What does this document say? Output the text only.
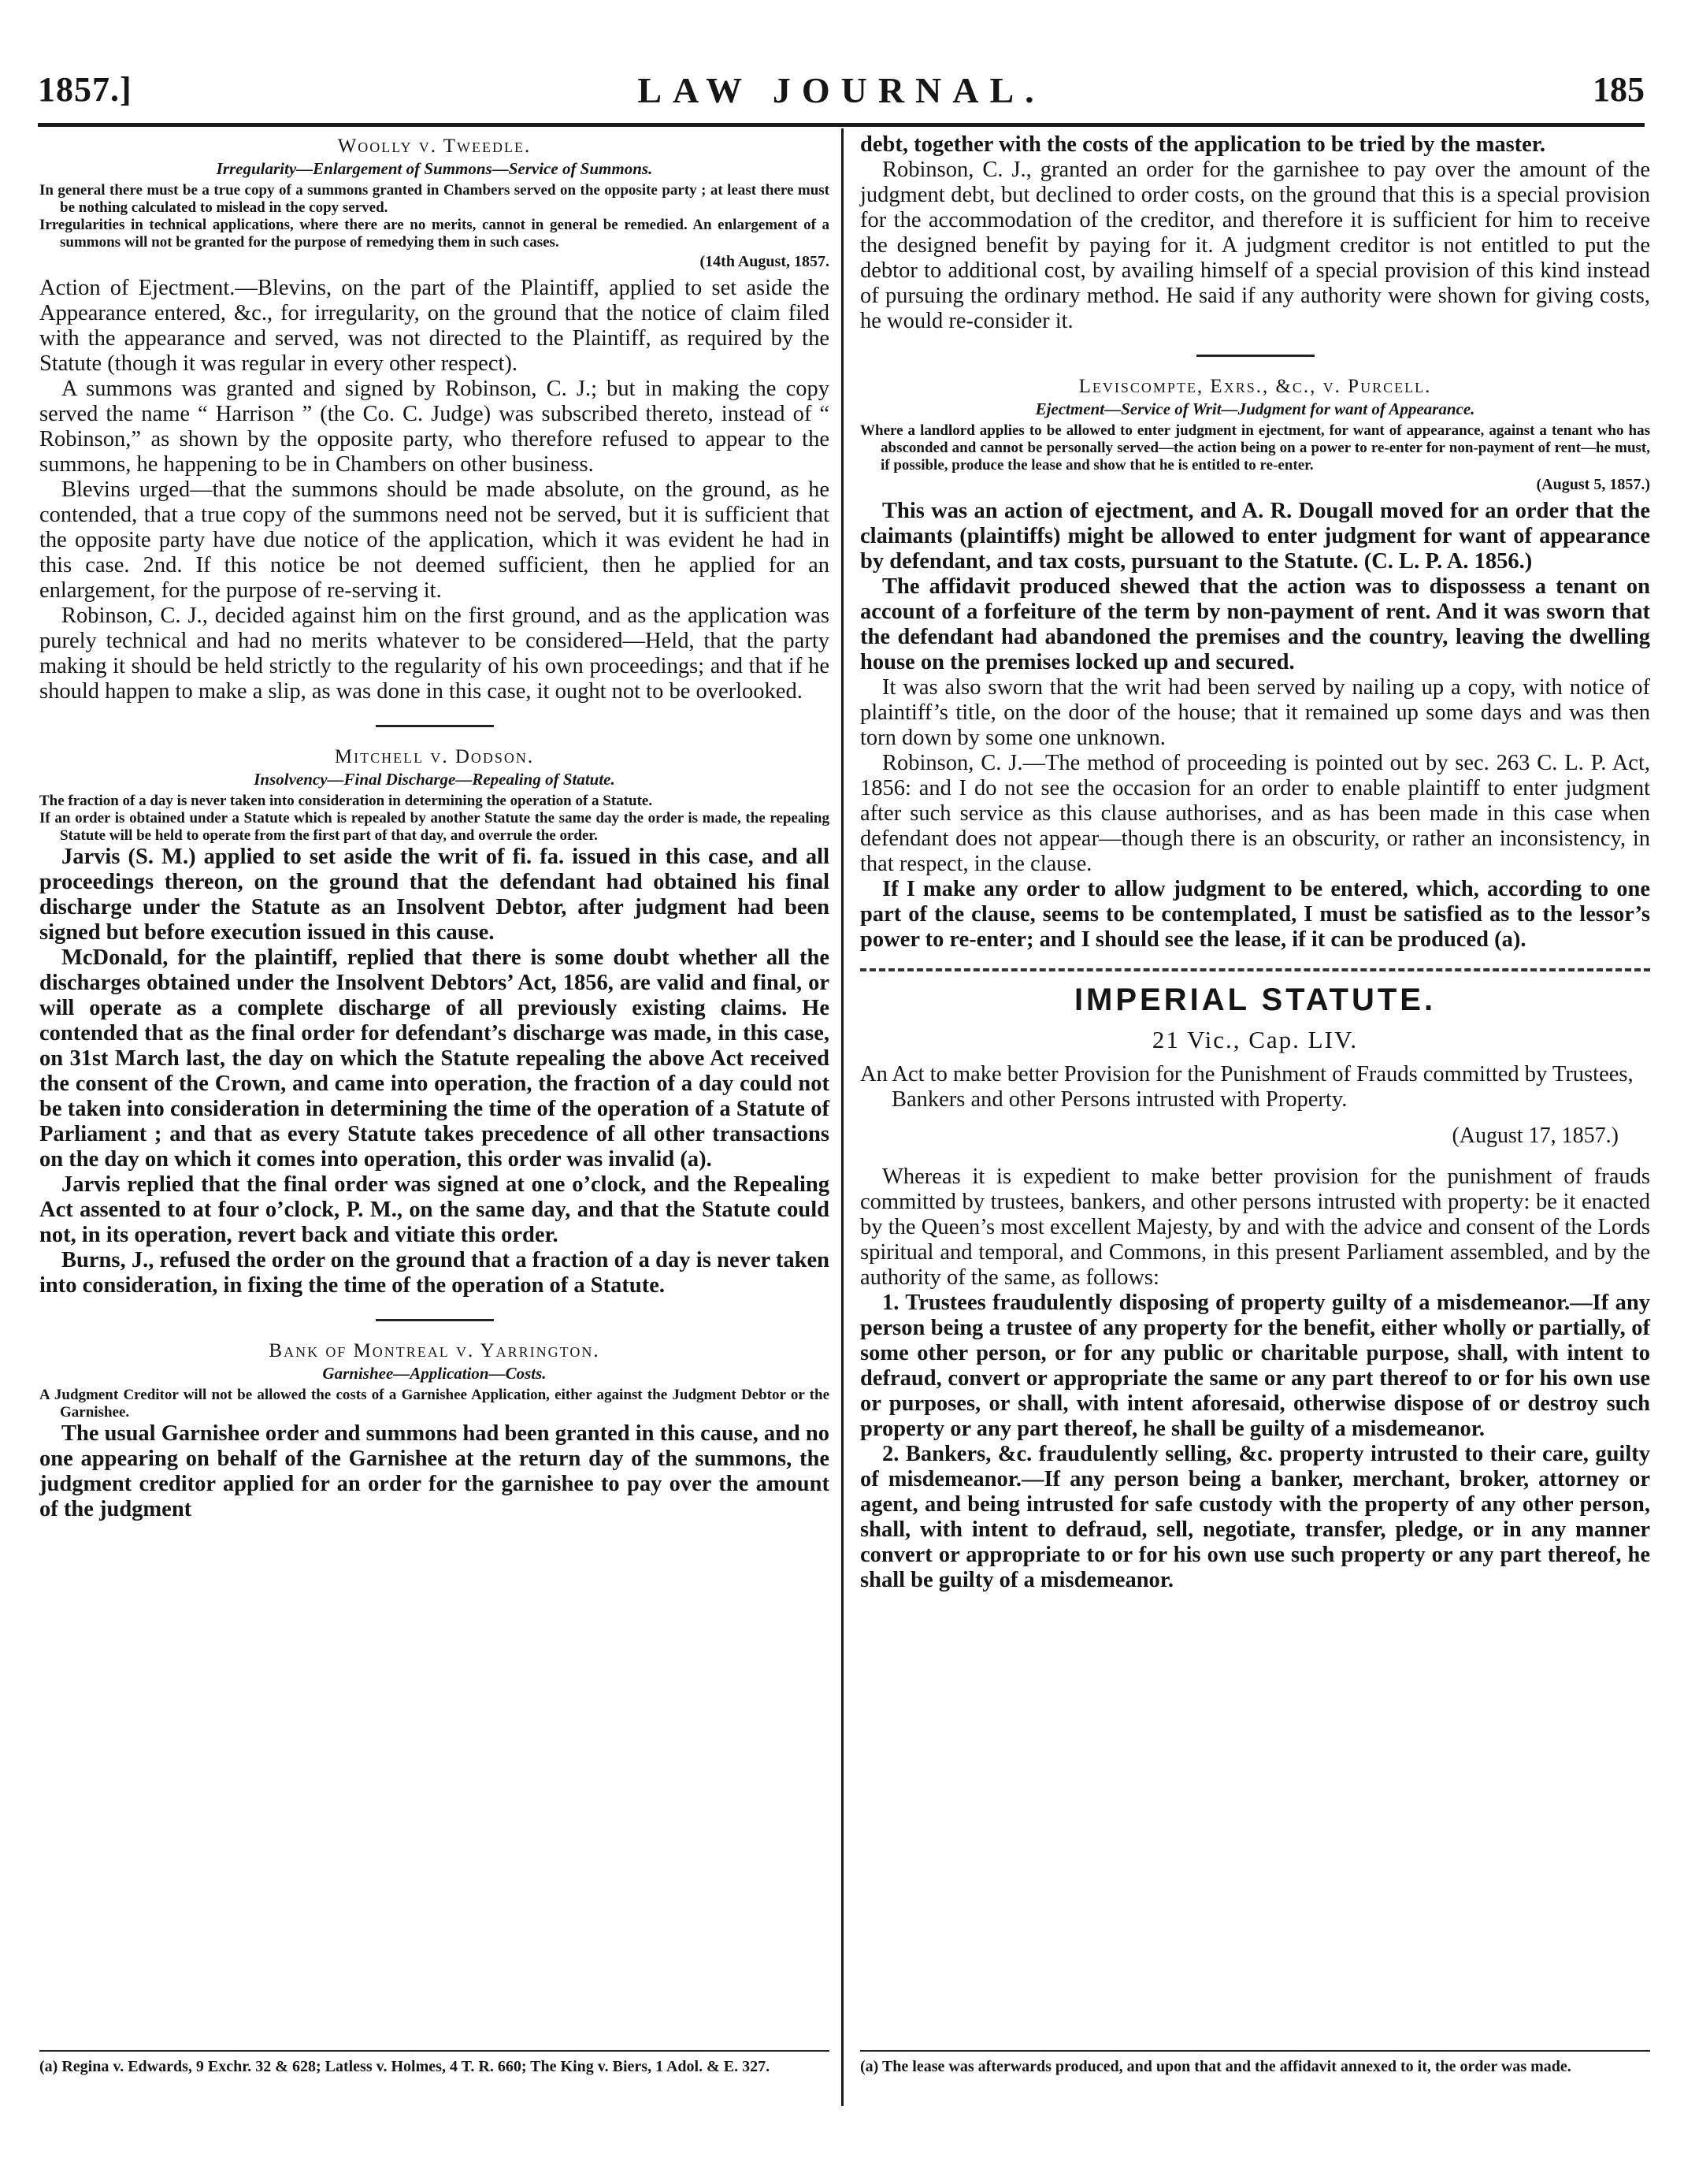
1857.]	LAW JOURNAL.	185
Woolly v. Tweedle.
Irregularity—Enlargement of Summons—Service of Summons.

In general there must be a true copy of a summons granted in Chambers served on the opposite party ; at least there must be nothing calculated to mislead in the copy served.

Irregularities in technical applications, where there are no merits, cannot in general be remedied. An enlargement of a summons will not be granted for the purpose of remedying them in such cases.

(14th August, 1857.

Action of Ejectment.—Blevins, on the part of the Plaintiff, applied to set aside the Appearance entered, &c., for irregularity, on the ground that the notice of claim filed with the appearance and served, was not directed to the Plaintiff, as required by the Statute (though it was regular in every other respect).

A summons was granted and signed by Robinson, C. J.; but in making the copy served the name “ Harrison ” (the Co. C. Judge) was subscribed thereto, instead of “ Robinson,” as shown by the opposite party, who therefore refused to appear to the summons, he happening to be in Chambers on other business.

Blevins urged—that the summons should be made absolute, on the ground, as he contended, that a true copy of the summons need not be served, but it is sufficient that the opposite party have due notice of the application, which it was evident he had in this case. 2nd. If this notice be not deemed sufficient, then he applied for an enlargement, for the purpose of re-serving it.

Robinson, C. J., decided against him on the first ground, and as the application was purely technical and had no merits whatever to be considered—Held, that the party making it should be held strictly to the regularity of his own proceedings; and that if he should happen to make a slip, as was done in this case, it ought not to be overlooked.

Mitchell v. Dodson.
Insolvency—Final Discharge—Repealing of Statute.

The fraction of a day is never taken into consideration in determining the operation of a Statute.

If an order is obtained under a Statute which is repealed by another Statute the same day the order is made, the repealing Statute will be held to operate from the first part of that day, and overrule the order.

Jarvis (S. M.) applied to set aside the writ of fi. fa. issued in this case, and all proceedings thereon, on the ground that the defendant had obtained his final discharge under the Statute as an Insolvent Debtor, after judgment had been signed but before execution issued in this cause.

McDonald, for the plaintiff, replied that there is some doubt whether all the discharges obtained under the Insolvent Debtors’ Act, 1856, are valid and final, or will operate as a complete discharge of all previously existing claims. He contended that as the final order for defendant’s discharge was made, in this case, on 31st March last, the day on which the Statute repealing the above Act received the consent of the Crown, and came into operation, the fraction of a day could not be taken into consideration in determining the time of the operation of a Statute of Parliament ; and that as every Statute takes precedence of all other transactions on the day on which it comes into operation, this order was invalid (a).

Jarvis replied that the final order was signed at one o’clock, and the Repealing Act assented to at four o’clock, P. M., on the same day, and that the Statute could not, in its operation, revert back and vitiate this order.

Burns, J., refused the order on the ground that a fraction of a day is never taken into consideration, in fixing the time of the operation of a Statute.

Bank of Montreal v. Yarrington.
Garnishee—Application—Costs.

A Judgment Creditor will not be allowed the costs of a Garnishee Application, either against the Judgment Debtor or the Garnishee.

The usual Garnishee order and summons had been granted in this cause, and no one appearing on behalf of the Garnishee at the return day of the summons, the judgment creditor applied for an order for the garnishee to pay over the amount of the judgment

debt, together with the costs of the application to be tried by the master.

Robinson, C. J., granted an order for the garnishee to pay over the amount of the judgment debt, but declined to order costs, on the ground that this is a special provision for the accommodation of the creditor, and therefore it is sufficient for him to receive the designed benefit by paying for it. A judgment creditor is not entitled to put the debtor to additional cost, by availing himself of a special provision of this kind instead of pursuing the ordinary method. He said if any authority were shown for giving costs, he would re-consider it.

Leviscompte, Exrs., &c., v. Purcell.
Ejectment—Service of Writ—Judgment for want of Appearance.

Where a landlord applies to be allowed to enter judgment in ejectment, for want of appearance, against a tenant who has absconded and cannot be personally served—the action being on a power to re-enter for non-payment of rent—he must, if possible, produce the lease and show that he is entitled to re-enter.

(August 5, 1857.)

This was an action of ejectment, and A. R. Dougall moved for an order that the claimants (plaintiffs) might be allowed to enter judgment for want of appearance by defendant, and tax costs, pursuant to the Statute. (C. L. P. A. 1856.)

The affidavit produced shewed that the action was to dispossess a tenant on account of a forfeiture of the term by non-payment of rent. And it was sworn that the defendant had abandoned the premises and the country, leaving the dwelling house on the premises locked up and secured.

It was also sworn that the writ had been served by nailing up a copy, with notice of plaintiff’s title, on the door of the house; that it remained up some days and was then torn down by some one unknown.

Robinson, C. J.—The method of proceeding is pointed out by sec. 263 C. L. P. Act, 1856: and I do not see the occasion for an order to enable plaintiff to enter judgment after such service as this clause authorises, and as has been made in this case when defendant does not appear—though there is an obscurity, or rather an inconsistency, in that respect, in the clause.

If I make any order to allow judgment to be entered, which, according to one part of the clause, seems to be contemplated, I must be satisfied as to the lessor’s power to re-enter; and I should see the lease, if it can be produced (a).

IMPERIAL STATUTE.
21 Vic., Cap. LIV.

An Act to make better Provision for the Punishment of Frauds committed by Trustees, Bankers and other Persons intrusted with Property.

(August 17, 1857.)

Whereas it is expedient to make better provision for the punishment of frauds committed by trustees, bankers, and other persons intrusted with property: be it enacted by the Queen’s most excellent Majesty, by and with the advice and consent of the Lords spiritual and temporal, and Commons, in this present Parliament assembled, and by the authority of the same, as follows:

1. Trustees fraudulently disposing of property guilty of a misdemeanor.—If any person being a trustee of any property for the benefit, either wholly or partially, of some other person, or for any public or charitable purpose, shall, with intent to defraud, convert or appropriate the same or any part thereof to or for his own use or purposes, or shall, with intent aforesaid, otherwise dispose of or destroy such property or any part thereof, he shall be guilty of a misdemeanor.

2. Bankers, &c. fraudulently selling, &c. property intrusted to their care, guilty of misdemeanor.—If any person being a banker, merchant, broker, attorney or agent, and being intrusted for safe custody with the property of any other person, shall, with intent to defraud, sell, negotiate, transfer, pledge, or in any manner convert or appropriate to or for his own use such property or any part thereof, he shall be guilty of a misdemeanor.

(a) Regina v. Edwards, 9 Exchr. 32 & 628; Latless v. Holmes, 4 T. R. 660; The King v. Biers, 1 Adol. & E. 327.	(a) The lease was afterwards produced, and upon that and the affidavit annexed to it, the order was made.
